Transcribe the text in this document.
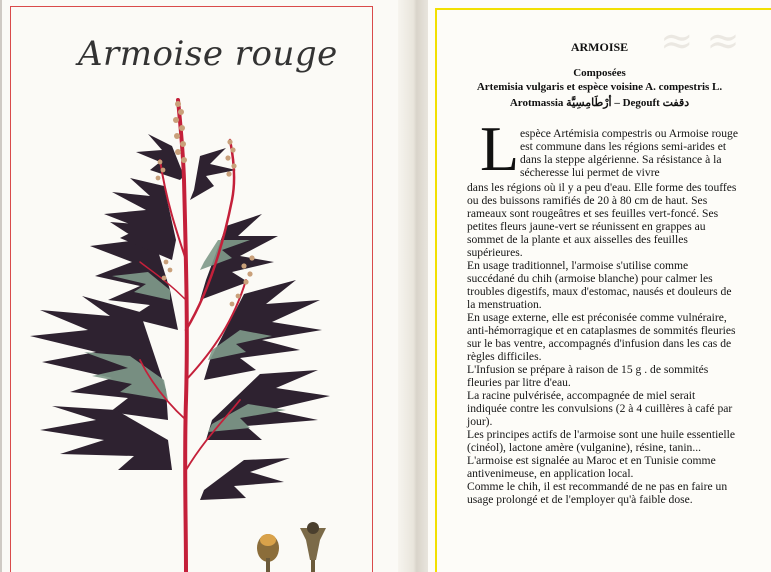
≈ ≈
Armoise rouge	ARMOISE
Composées
Artemisia vulgaris et espèce voisine A. compestris L.
Arotmassia أرْطَامِسِيَّة – Degouft دقفت
L espèce Artémisia compestris ou Armoise rouge
est commune dans les régions semi-arides et
dans la steppe algérienne. Sa résistance à la
sécheresse lui permet de vivre
dans les régions où il y a peu d'eau. Elle forme des touffes
ou des buissons ramifiés de 20 à 80 cm de haut. Ses
rameaux sont rougeâtres et ses feuilles vert-foncé. Ses
petites fleurs jaune-vert se réunissent en grappes au
sommet de la plante et aux aisselles des feuilles
supérieures.
En usage traditionnel, l'armoise s'utilise comme
succédané du chih (armoise blanche) pour calmer les
troubles digestifs, maux d'estomac, nausés et douleurs de
la menstruation.
En usage externe, elle est préconisée comme vulnéraire,
anti-hémorragique et en cataplasmes de sommités fleuries
sur le bas ventre, accompagnés d'infusion dans les cas de
règles difficiles.
L'Infusion se prépare à raison de 15 g . de sommités
fleuries par litre d'eau.
La racine pulvérisée, accompagnée de miel serait
indiquée contre les convulsions (2 à 4 cuillères à café par
jour).
Les principes actifs de l'armoise sont une huile essentielle
(cinéol), lactone amère (vulganine), résine, tanin...
L'armoise est signalée au Maroc et en Tunisie comme
antivenimeuse, en application local.
Comme le chih, il est recommandé de ne pas en faire un
usage prolongé et de l'employer qu'à faible dose.
